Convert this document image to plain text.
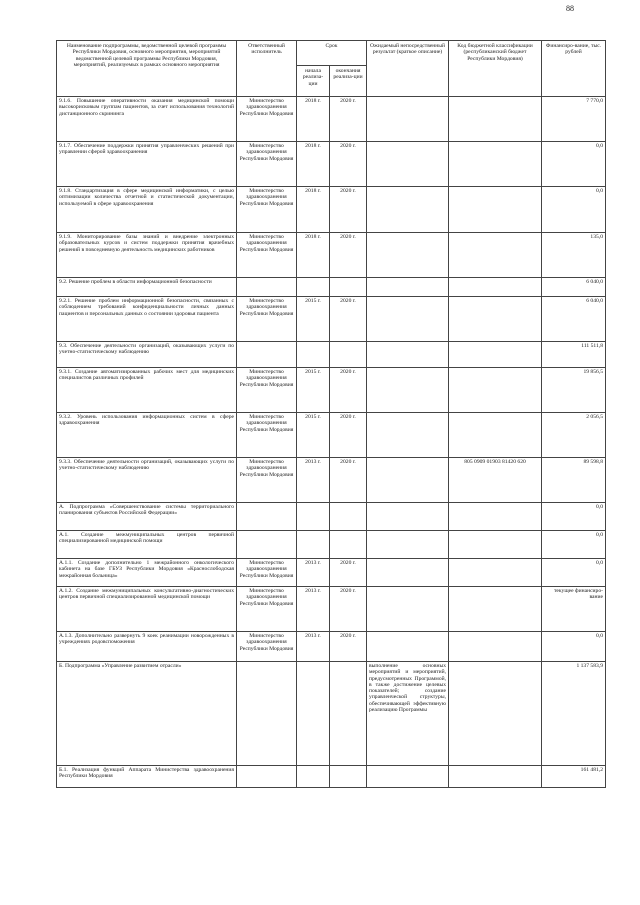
88
Наименование подпрограммы, ведомственной целевой программы Республики Мордовия, основного мероприятия, мероприятий ведомственной целевой программы Республики Мордовия, мероприятий, реализуемых в рамках основного мероприятия	Ответственный исполнитель	Срок		Ожидаемый непосредственный результат (краткое описание)	Код бюджетной классификации (республиканский бюджет Республики Мордовия)	Финансиро-вание, тыс. рублей
		начала реализа-ции	окончания реализа-ции			
9.1.6. Повышение оперативности оказания медицинской помощи высокорисковым группам пациентов, за счет использования технологий дистанционного скрининга	Министерство здравоохранения Республики Мордовия	2018 г.	2020 г.			7 770,0
9.1.7. Обеспечение поддержки принятия управленческих решений при управлении сферой здравоохранения	Министерство здравоохранения Республики Мордовия	2018 г.	2020 г.			0,0
9.1.8. Стандартизация в сфере медицинской информатики, с целью оптимизации количества отчетной и статистической документации, используемой в сфере здравоохранения	Министерство здравоохранения Республики Мордовия	2018 г.	2020 г.			0,0
9.1.9. Мониторирование базы знаний и внедрение электронных образовательных курсов и систем поддержки принятия врачебных решений в повседневную деятельность медицинских работников	Министерство здравоохранения Республики Мордовия	2018 г.	2020 г.			135,0
9.2. Решение проблем в области информационной безопасности						6 040,0
9.2.1. Решение проблем информационной безопасности, связанных с соблюдением требований конфиденциальности личных данных пациентов и персональных данных о состоянии здоровья пациента	Министерство здравоохранения Республики Мордовия	2015 г.	2020 г.			6 040,0
9.3. Обеспечение деятельности организаций, оказывающих услуги по учетно-статистическому наблюдению						111 511,8
9.3.1. Создание автоматизированных рабочих мест для медицинских специалистов различных профилей	Министерство здравоохранения Республики Мордовия	2015 г.	2020 г.			19 856,5
9.3.2. Уровень использования информационных систем в сфере здравоохранения	Министерство здравоохранения Республики Мордовия	2015 г.	2020 г.			2 056,5
9.3.3. Обеспечение деятельности организаций, оказывающих услуги по учетно-статистическому наблюдению	Министерство здравоохранения Республики Мордовия	2013 г.	2020 г.		805 0909 01903 81420 620	89 598,8
А. Подпрограмма «Совершенствование системы территориального планирования субъектов Российской Федерации»						0,0
А.1. Создание межмуниципальных центров первичной специализированной медицинской помощи						0,0
А.1.1. Создание дополнительно 1 межрайонного онкологического кабинета на базе ГБУЗ Республики Мордовия «Краснослободская межрайонная больница»	Министерство здравоохранения Республики Мордовия	2013 г.	2020 г.			0,0
А.1.2. Создание межмуниципальных консультативно-диагностических центров первичной специализированной медицинской помощи	Министерство здравоохранения Республики Мордовия	2013 г.	2020 г.			текущее финансиро-вание
А.1.3. Дополнительно развернуть 9 коек реанимации новорожденных в учреждениях родовспоможения	Министерство здравоохранения Республики Мордовия	2013 г.	2020 г.			0,0
Б. Подпрограмма «Управление развитием отрасли»				выполнение основных мероприятий и мероприятий, предусмотренных Программой, в также достижение целевых показателей; создание управленческой структуры, обеспечивающей эффективную реализацию Программы		1 137 583,9
Б.1. Реализация функций Аппарата Министерства здравоохранения Республики Мордовия						161 481,2
